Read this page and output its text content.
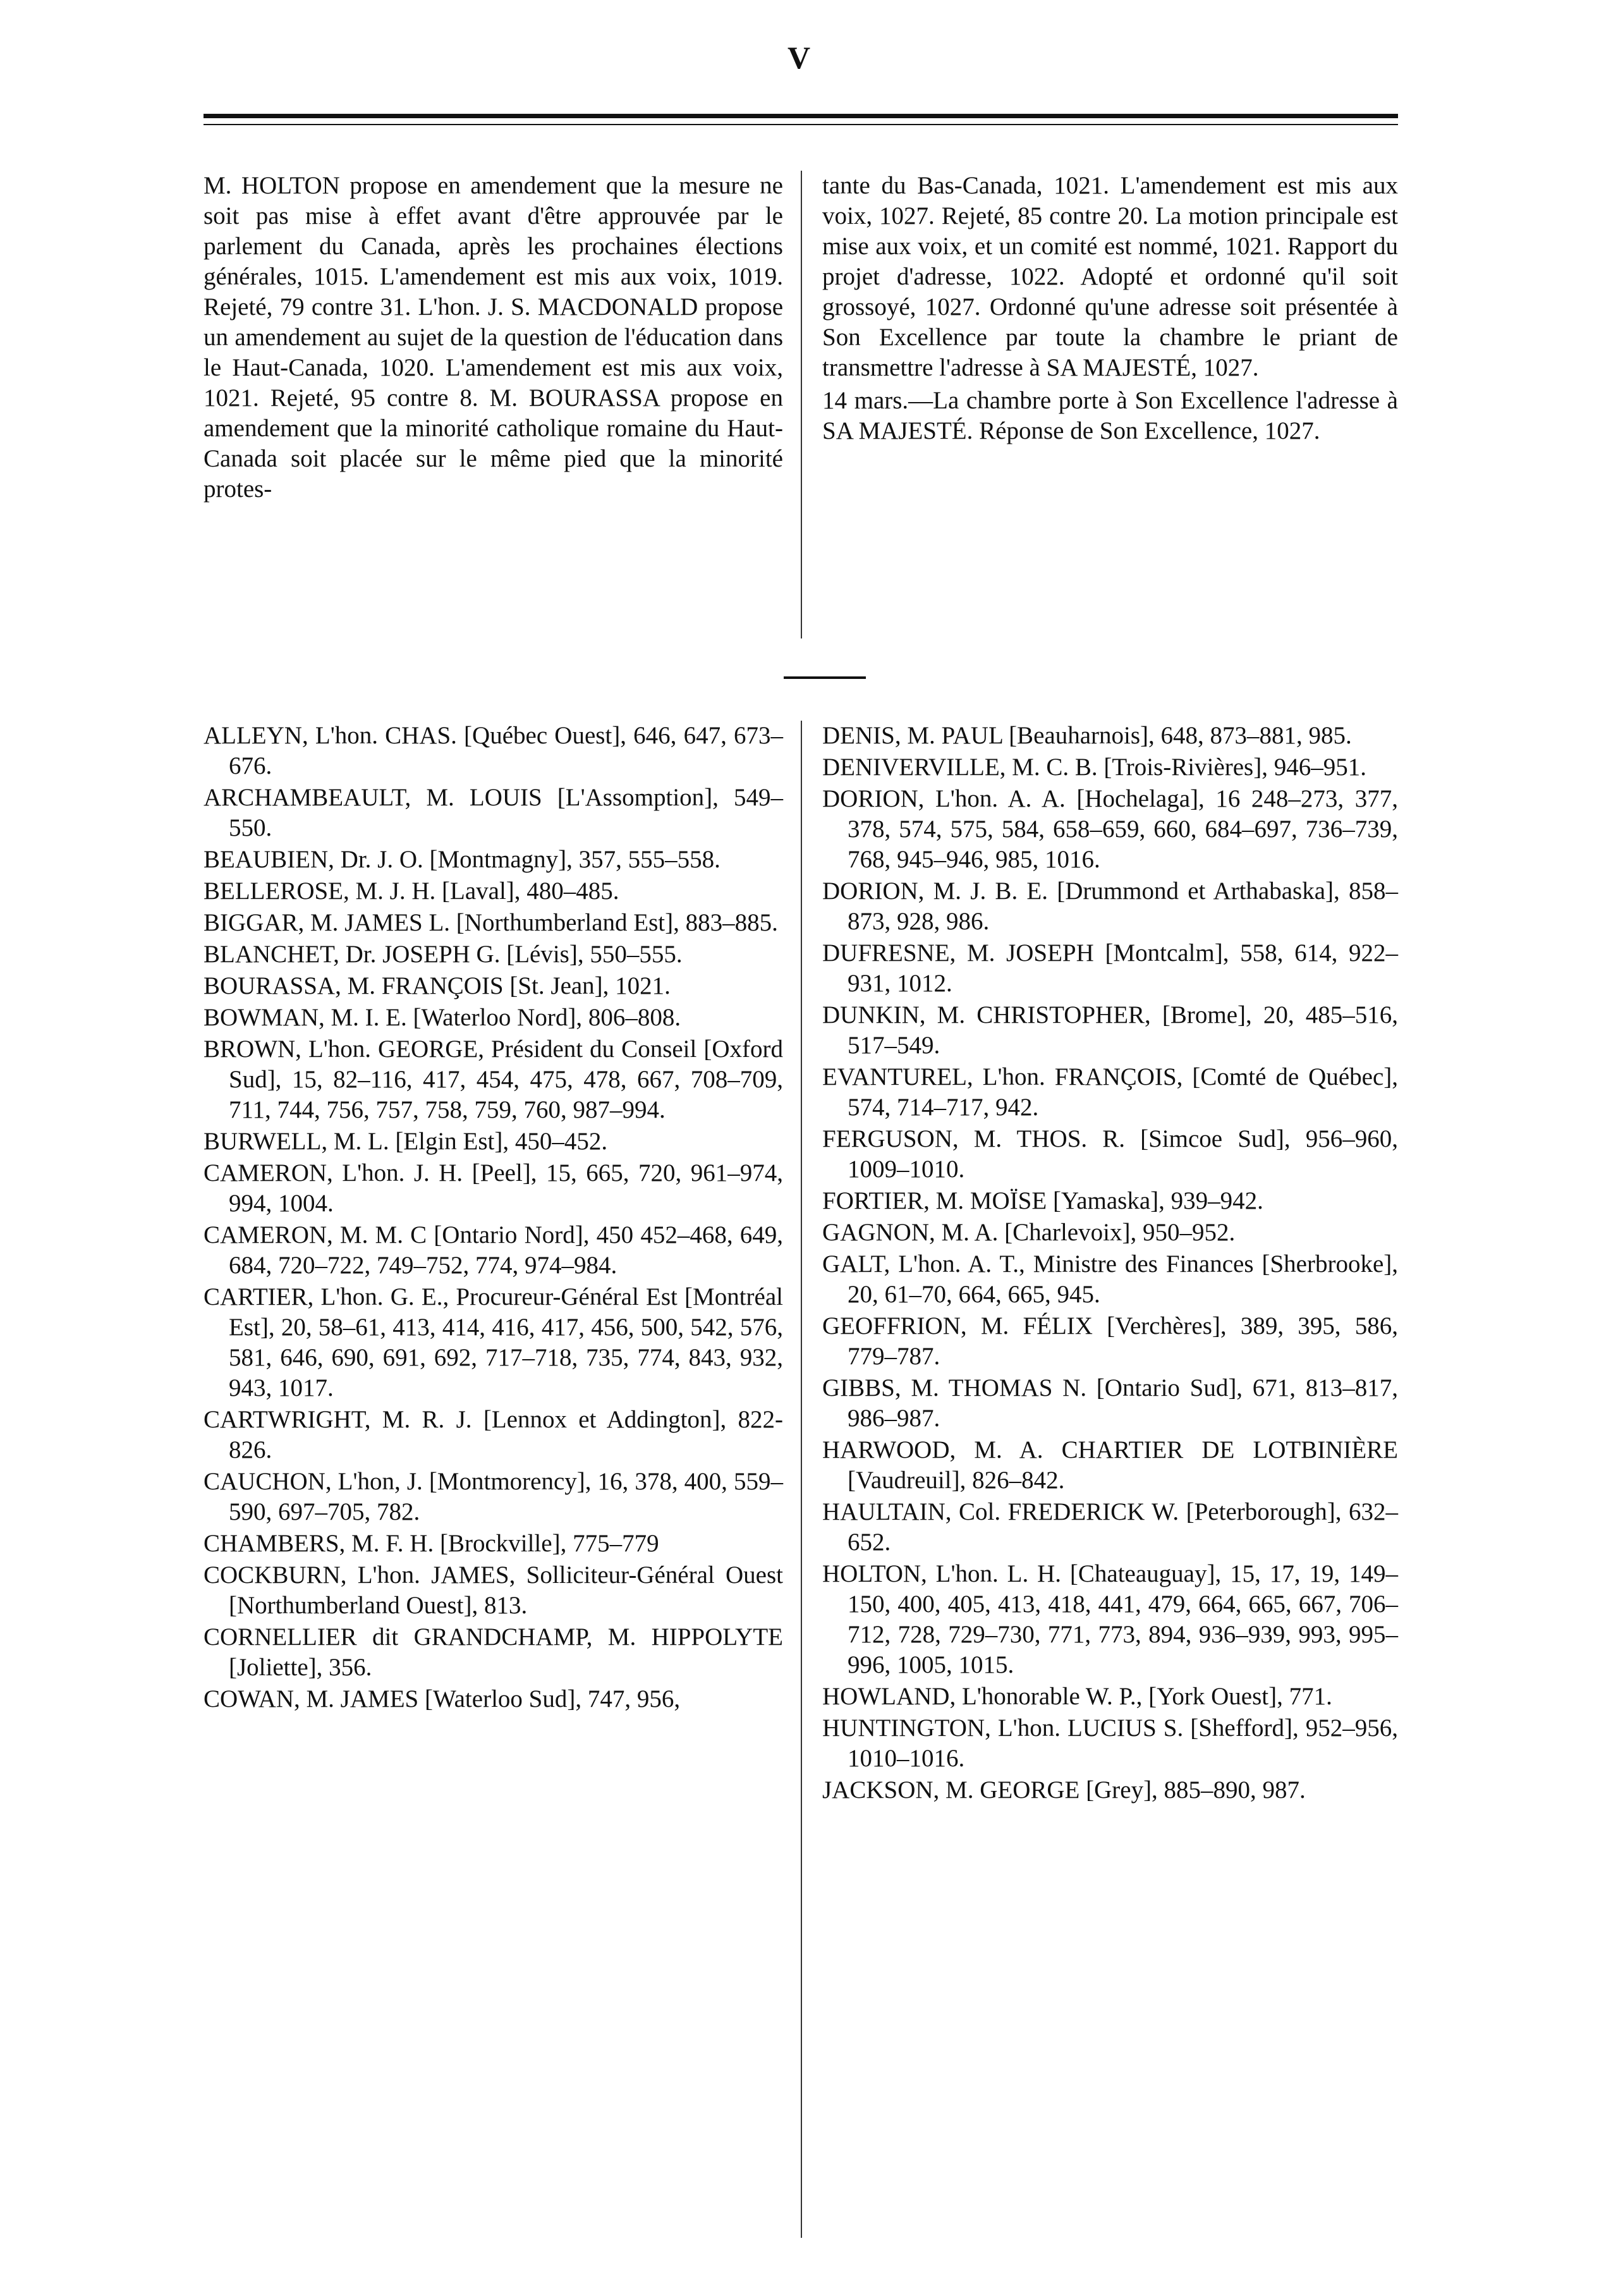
V

M. HOLTON propose en amendement que la mesure ne soit pas mise à effet avant d'être approuvée par le parlement du Canada, après les prochaines élections générales, 1015. L'amendement est mis aux voix, 1019. Rejeté, 79 contre 31. L'hon. J. S. MACDONALD propose un amendement au sujet de la question de l'éducation dans le Haut-Canada, 1020. L'amendement est mis aux voix, 1021. Rejeté, 95 contre 8. M. BOURASSA propose en amendement que la minorité catholique romaine du Haut-Canada soit placée sur le même pied que la minorité protes-

tante du Bas-Canada, 1021. L'amendement est mis aux voix, 1027. Rejeté, 85 contre 20. La motion principale est mise aux voix, et un comité est nommé, 1021. Rapport du projet d'adresse, 1022. Adopté et ordonné qu'il soit grossoyé, 1027. Ordonné qu'une adresse soit présentée à Son Excellence par toute la chambre le priant de transmettre l'adresse à SA MAJESTÉ, 1027.

14 mars.—La chambre porte à Son Excellence l'adresse à SA MAJESTÉ. Réponse de Son Excellence, 1027.

ALLEYN, L'hon. CHAS. [Québec Ouest], 646, 647, 673–676.

ARCHAMBEAULT, M. LOUIS [L'Assomption], 549–550.

BEAUBIEN, Dr. J. O. [Montmagny], 357, 555–558.

BELLEROSE, M. J. H. [Laval], 480–485.

BIGGAR, M. JAMES L. [Northumberland Est], 883–885.

BLANCHET, Dr. JOSEPH G. [Lévis], 550–555.

BOURASSA, M. FRANÇOIS [St. Jean], 1021.

BOWMAN, M. I. E. [Waterloo Nord], 806–808.

BROWN, L'hon. GEORGE, Président du Conseil [Oxford Sud], 15, 82–116, 417, 454, 475, 478, 667, 708–709, 711, 744, 756, 757, 758, 759, 760, 987–994.

BURWELL, M. L. [Elgin Est], 450–452.

CAMERON, L'hon. J. H. [Peel], 15, 665, 720, 961–974, 994, 1004.

CAMERON, M. M. C [Ontario Nord], 450 452–468, 649, 684, 720–722, 749–752, 774, 974–984.

CARTIER, L'hon. G. E., Procureur-Général Est [Montréal Est], 20, 58–61, 413, 414, 416, 417, 456, 500, 542, 576, 581, 646, 690, 691, 692, 717–718, 735, 774, 843, 932, 943, 1017.

CARTWRIGHT, M. R. J. [Lennox et Addington], 822-826.

CAUCHON, L'hon, J. [Montmorency], 16, 378, 400, 559–590, 697–705, 782.

CHAMBERS, M. F. H. [Brockville], 775–779

COCKBURN, L'hon. JAMES, Solliciteur-Général Ouest [Northumberland Ouest], 813.

CORNELLIER dit GRANDCHAMP, M. HIPPOLYTE [Joliette], 356.

COWAN, M. JAMES [Waterloo Sud], 747, 956,

DENIS, M. PAUL [Beauharnois], 648, 873–881, 985.

DENIVERVILLE, M. C. B. [Trois-Rivières], 946–951.

DORION, L'hon. A. A. [Hochelaga], 16 248–273, 377, 378, 574, 575, 584, 658–659, 660, 684–697, 736–739, 768, 945–946, 985, 1016.

DORION, M. J. B. E. [Drummond et Arthabaska], 858–873, 928, 986.

DUFRESNE, M. JOSEPH [Montcalm], 558, 614, 922–931, 1012.

DUNKIN, M. CHRISTOPHER, [Brome], 20, 485–516, 517–549.

EVANTUREL, L'hon. FRANÇOIS, [Comté de Québec], 574, 714–717, 942.

FERGUSON, M. THOS. R. [Simcoe Sud], 956–960, 1009–1010.

FORTIER, M. MOÏSE [Yamaska], 939–942.

GAGNON, M. A. [Charlevoix], 950–952.

GALT, L'hon. A. T., Ministre des Finances [Sherbrooke], 20, 61–70, 664, 665, 945.

GEOFFRION, M. FÉLIX [Verchères], 389, 395, 586, 779–787.

GIBBS, M. THOMAS N. [Ontario Sud], 671, 813–817, 986–987.

HARWOOD, M. A. CHARTIER DE LOTBINIÈRE [Vaudreuil], 826–842.

HAULTAIN, Col. FREDERICK W. [Peterborough], 632–652.

HOLTON, L'hon. L. H. [Chateauguay], 15, 17, 19, 149–150, 400, 405, 413, 418, 441, 479, 664, 665, 667, 706–712, 728, 729–730, 771, 773, 894, 936–939, 993, 995–996, 1005, 1015.

HOWLAND, L'honorable W. P., [York Ouest], 771.

HUNTINGTON, L'hon. LUCIUS S. [Shefford], 952–956, 1010–1016.

JACKSON, M. GEORGE [Grey], 885–890, 987.
